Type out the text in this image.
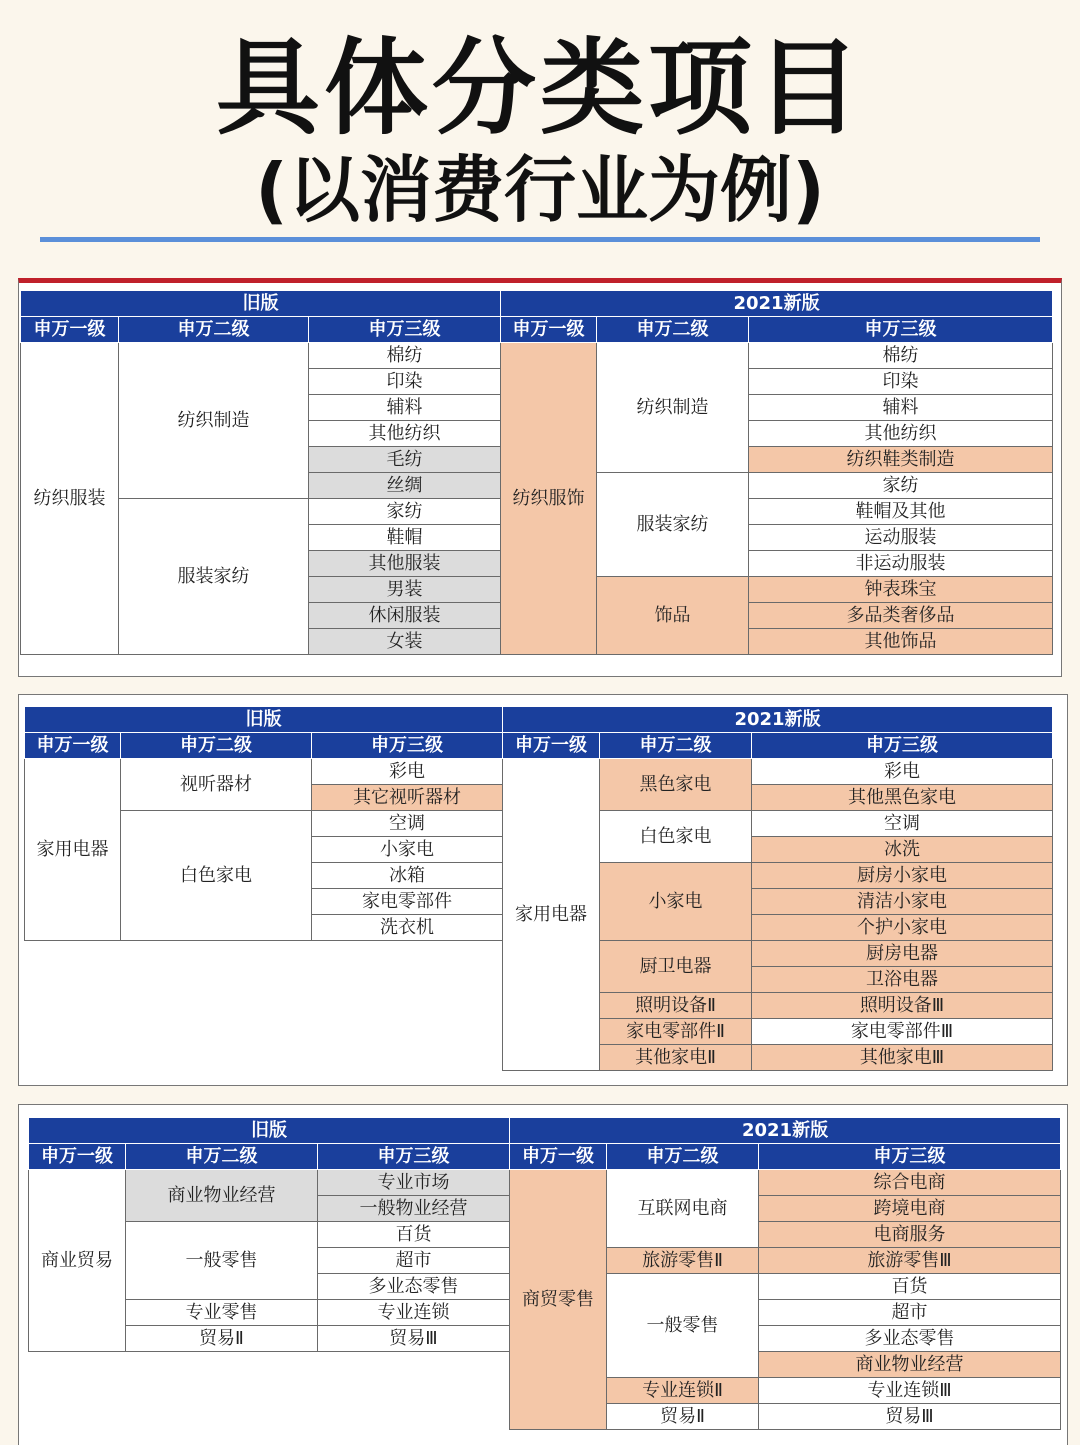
具体分类项目
(以消费行业为例)
旧版			2021新版		
申万一级	申万二级	申万三级	申万一级	申万二级	申万三级
纺织服装	纺织制造	棉纺	纺织服饰	纺织制造	棉纺
		印染			印染
		辅料			辅料
		其他纺织			其他纺织
		毛纺			纺织鞋类制造
		丝绸		服装家纺	家纺
	服装家纺	家纺			鞋帽及其他
		鞋帽			运动服装
		其他服装			非运动服装
		男装		饰品	钟表珠宝
		休闲服装			多品类奢侈品
		女装			其他饰品
旧版			2021新版		
申万一级	申万二级	申万三级	申万一级	申万二级	申万三级
家用电器	视听器材	彩电	家用电器	黑色家电	彩电
		其它视听器材			其他黑色家电
	白色家电	空调		白色家电	空调
		小家电			冰洗
		冰箱		小家电	厨房小家电
		家电零部件			清洁小家电
		洗衣机			个护小家电
				厨卫电器	厨房电器
					卫浴电器
				照明设备Ⅱ	照明设备Ⅲ
				家电零部件Ⅱ	家电零部件Ⅲ
				其他家电Ⅱ	其他家电Ⅲ
旧版			2021新版		
申万一级	申万二级	申万三级	申万一级	申万二级	申万三级
商业贸易	商业物业经营	专业市场	商贸零售	互联网电商	综合电商
		一般物业经营			跨境电商
	一般零售	百货			电商服务
		超市		旅游零售Ⅱ	旅游零售Ⅲ
		多业态零售		一般零售	百货
	专业零售	专业连锁			超市
	贸易Ⅱ	贸易Ⅲ			多业态零售
					商业物业经营
				专业连锁Ⅱ	专业连锁Ⅲ
				贸易Ⅱ	贸易Ⅲ
